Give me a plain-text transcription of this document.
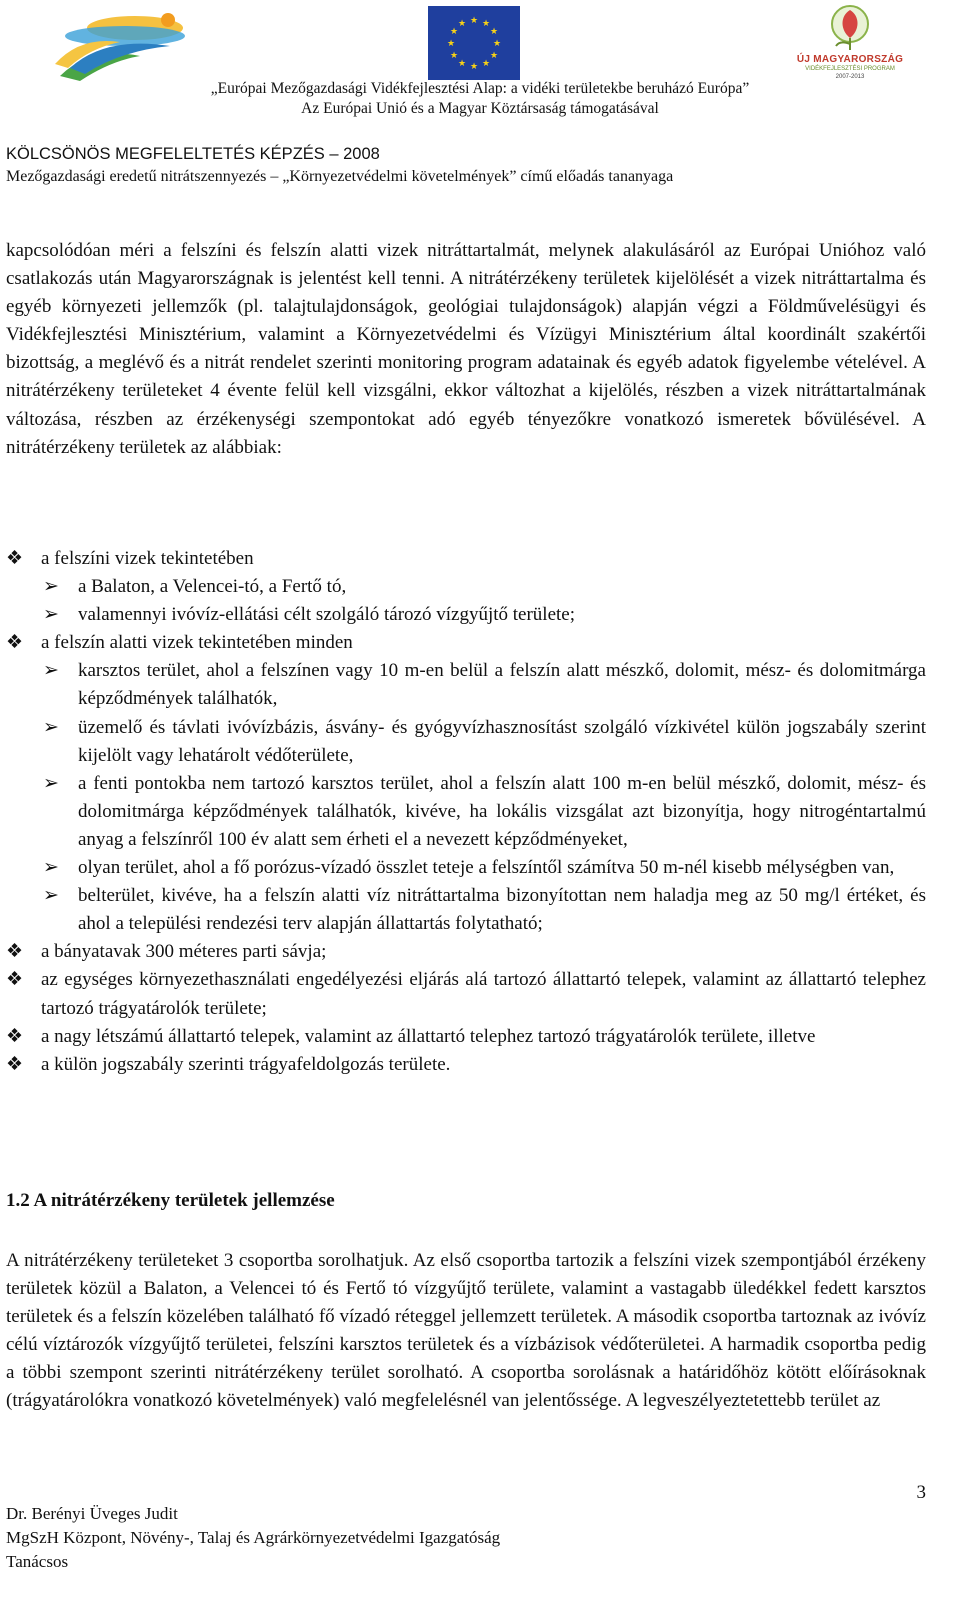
★ ★
★
★
★
★
★
★
★
★
★
★
ÚJ MAGYARORSZÁG
VIDÉKFEJLESZTÉSI PROGRAM
2007-2013
„Európai Mezőgazdasági Vidékfejlesztési Alap: a vidéki területekbe beruházó Európa”
Az Európai Unió és a Magyar Köztársaság támogatásával
KÖLCSÖNÖS MEGFELELTETÉS KÉPZÉS – 2008
Mezőgazdasági eredetű nitrátszennyezés – „Környezetvédelmi követelmények” című előadás tananyaga

kapcsolódóan méri a felszíni és felszín alatti vizek nitráttartalmát, melynek alakulásáról az Európai Unióhoz való csatlakozás után Magyarországnak is jelentést kell tenni. A nitrátérzékeny területek kijelölését a vizek nitráttartalma és egyéb környezeti jellemzők (pl. talajtulajdonságok, geológiai tulajdonságok) alapján végzi a Földművelésügyi és Vidékfejlesztési Minisztérium, valamint a Környezetvédelmi és Vízügyi Minisztérium által koordinált szakértői bizottság, a meglévő és a nitrát rendelet szerinti monitoring program adatainak és egyéb adatok figyelembe vételével. A nitrátérzékeny területeket 4 évente felül kell vizsgálni, ekkor változhat a kijelölés, részben a vizek nitráttartalmának változása, részben az érzékenységi szempontokat adó egyéb tényezőkre vonatkozó ismeretek bővülésével. A nitrátérzékeny területek az alábbiak:

❖ a felszíni vizek tekintetében
➢ a Balaton, a Velencei-tó, a Fertő tó,
➢ valamennyi ivóvíz-ellátási célt szolgáló tározó vízgyűjtő területe;
❖ a felszín alatti vizek tekintetében minden
➢ karsztos terület, ahol a felszínen vagy 10 m-en belül a felszín alatt mészkő, dolomit, mész- és dolomitmárga képződmények találhatók,
➢ üzemelő és távlati ivóvízbázis, ásvány- és gyógyvízhasznosítást szolgáló vízkivétel külön jogszabály szerint kijelölt vagy lehatárolt védőterülete,
➢ a fenti pontokba nem tartozó karsztos terület, ahol a felszín alatt 100 m-en belül mészkő, dolomit, mész- és dolomitmárga képződmények találhatók, kivéve, ha lokális vizsgálat azt bizonyítja, hogy nitrogéntartalmú anyag a felszínről 100 év alatt sem érheti el a nevezett képződményeket,
➢ olyan terület, ahol a fő porózus-vízadó összlet teteje a felszíntől számítva 50 m-nél kisebb mélységben van,
➢ belterület, kivéve, ha a felszín alatti víz nitráttartalma bizonyítottan nem haladja meg az 50 mg/l értéket, és ahol a települési rendezési terv alapján állattartás folytatható;
❖ a bányatavak 300 méteres parti sávja;
❖ az egységes környezethasználati engedélyezési eljárás alá tartozó állattartó telepek, valamint az állattartó telephez tartozó trágyatárolók területe;
❖ a nagy létszámú állattartó telepek, valamint az állattartó telephez tartozó trágyatárolók területe, illetve
❖ a külön jogszabály szerinti trágyafeldolgozás területe.
1.2 A nitrátérzékeny területek jellemzése

A nitrátérzékeny területeket 3 csoportba sorolhatjuk. Az első csoportba tartozik a felszíni vizek szempontjából érzékeny területek közül a Balaton, a Velencei tó és Fertő tó vízgyűjtő területe, valamint a vastagabb üledékkel fedett karsztos területek és a felszín közelében található fő vízadó réteggel jellemzett területek. A második csoportba tartoznak az ivóvíz célú víztározók vízgyűjtő területei, felszíni karsztos területek és a vízbázisok védőterületei. A harmadik csoportba pedig a többi szempont szerinti nitrátérzékeny terület sorolható. A csoportba sorolásnak a határidőhöz kötött előírásoknak (trágyatárolókra vonatkozó követelmények) való megfelelésnél van jelentőssége. A legveszélyeztetettebb terület az

3
Dr. Berényi Üveges Judit
MgSzH Központ, Növény-, Talaj és Agrárkörnyezetvédelmi Igazgatóság
Tanácsos
